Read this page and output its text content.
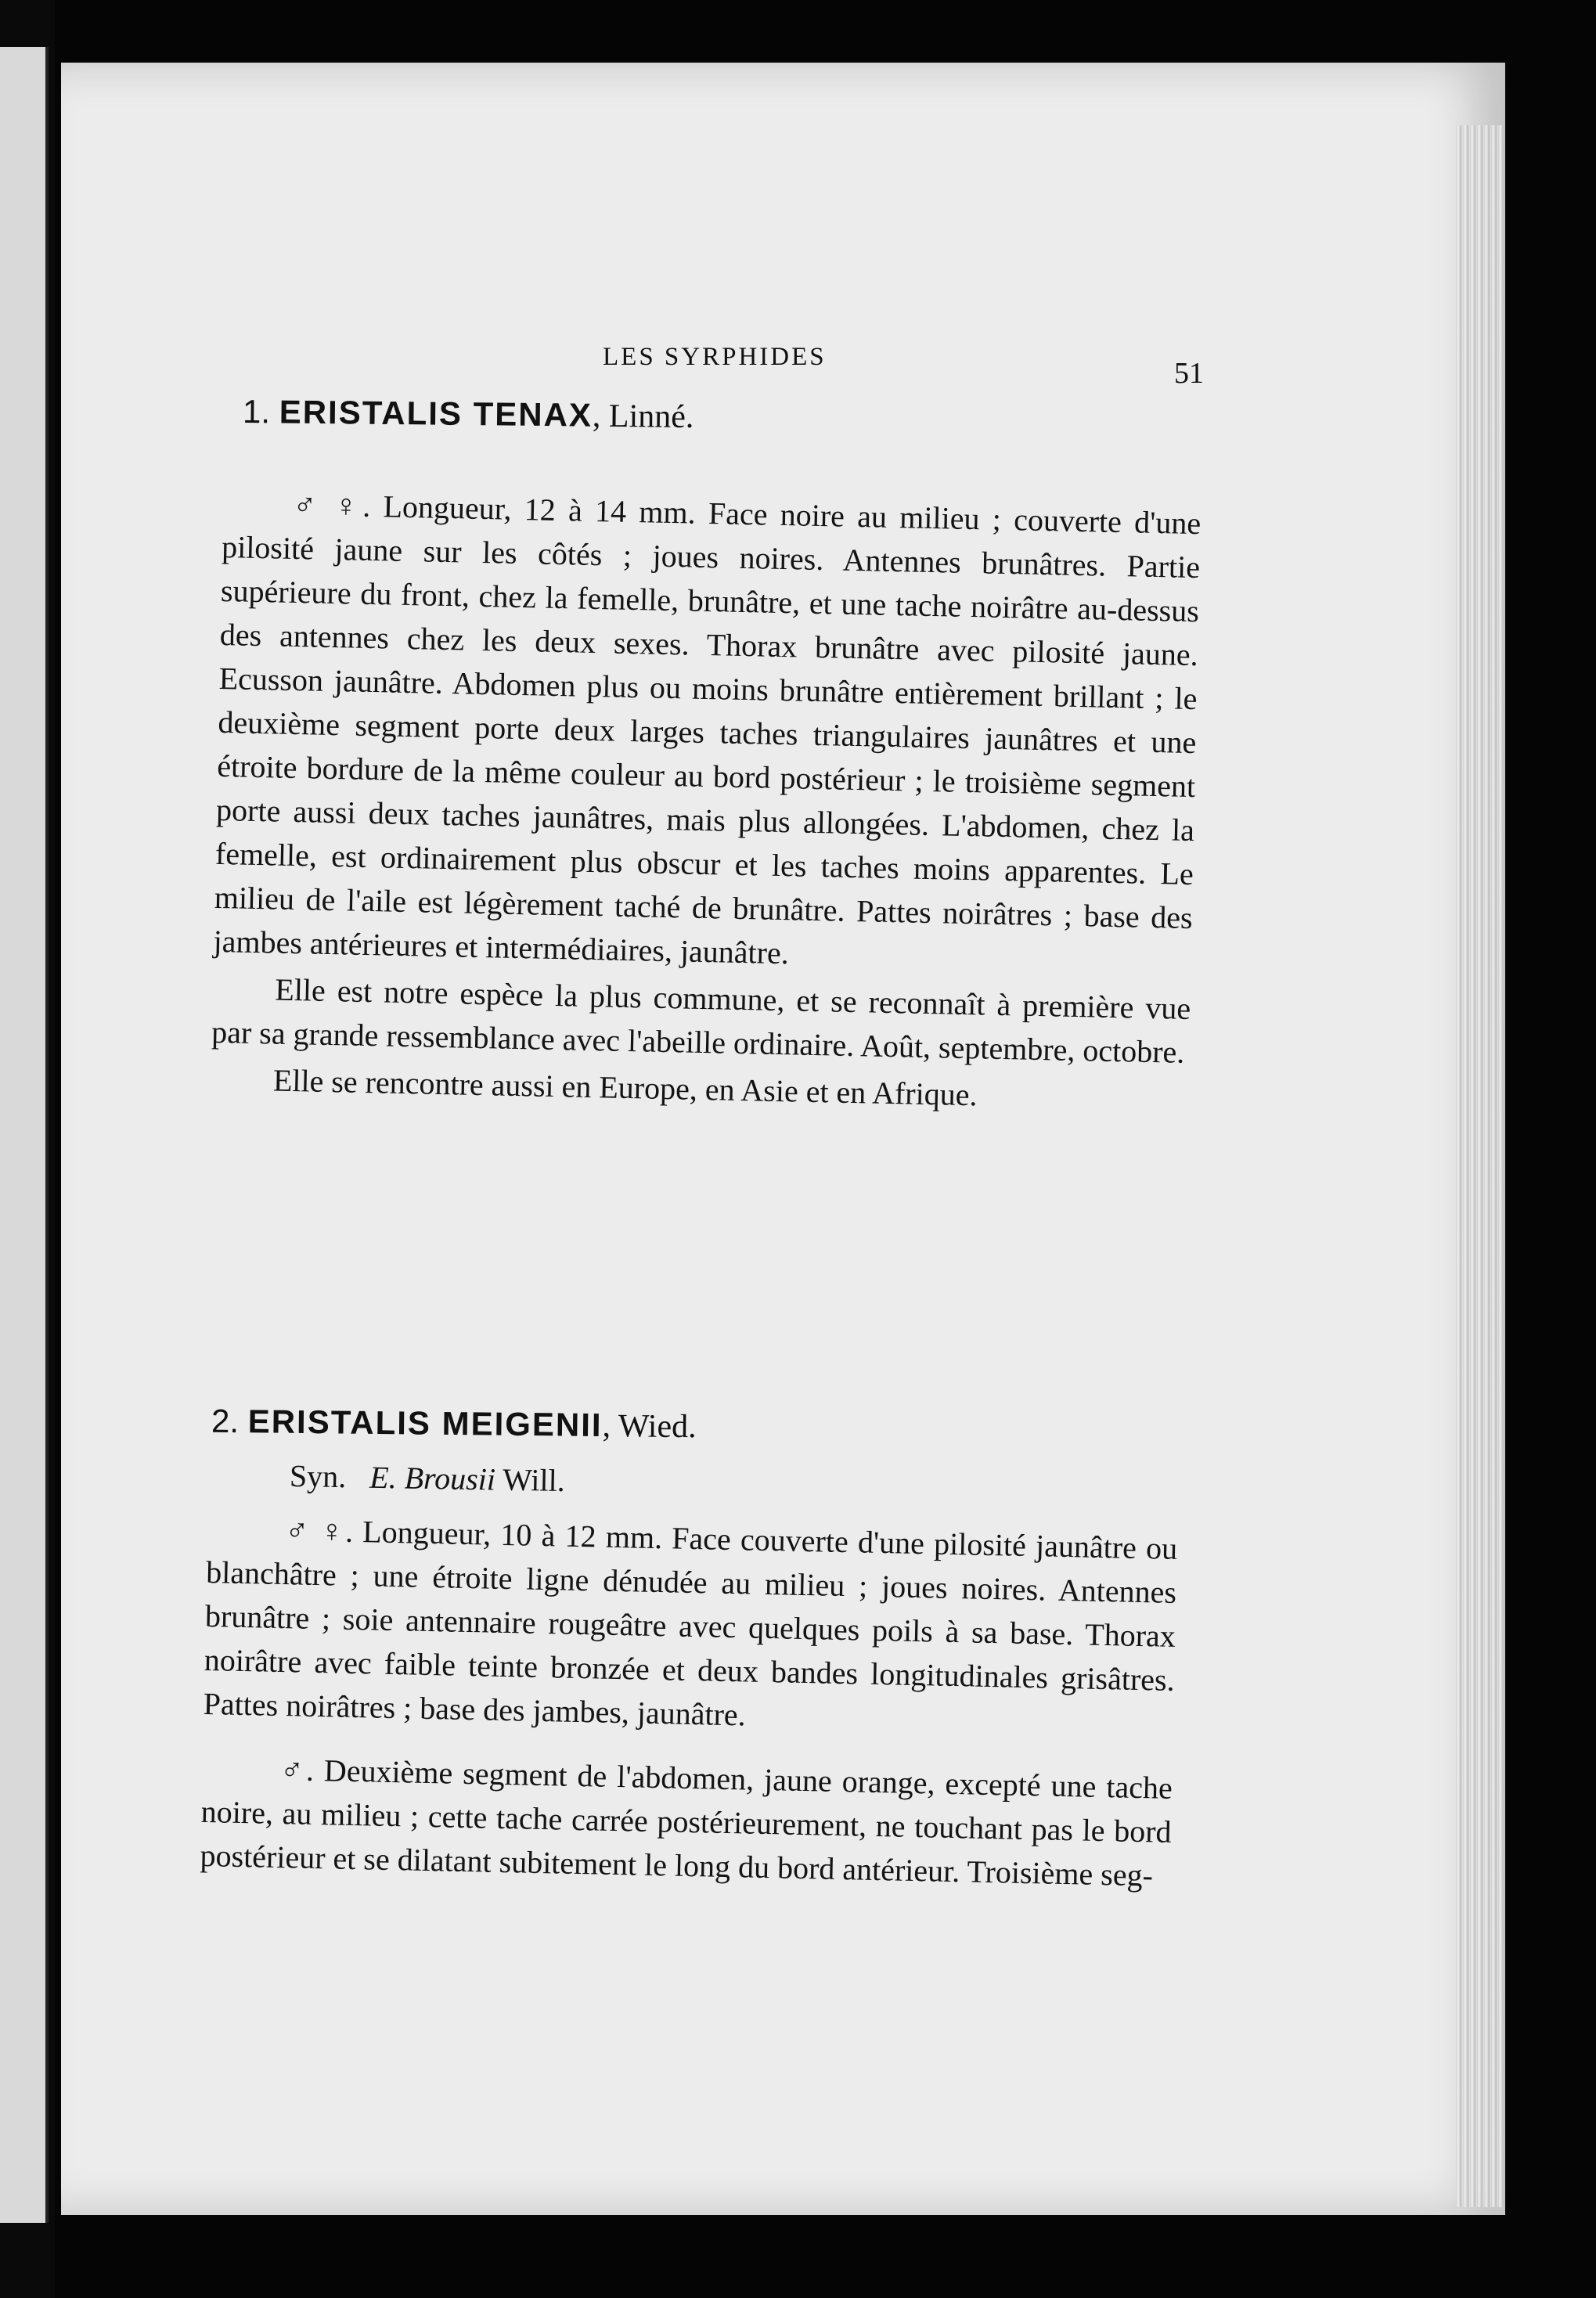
LES SYRPHIDES	51
1. ERISTALIS TENAX, Linné.

♂ ♀. Longueur, 12 à 14 mm. Face noire au milieu ; couverte d'une pilosité jaune sur les côtés ; joues noires. Antennes brunâtres. Partie supérieure du front, chez la femelle, brunâtre, et une tache noirâtre au-dessus des antennes chez les deux sexes. Thorax brunâtre avec pilosité jaune. Ecusson jaunâtre. Abdomen plus ou moins brunâtre entièrement brillant ; le deuxième segment porte deux larges taches triangulaires jaunâtres et une étroite bordure de la même couleur au bord postérieur ; le troisième segment porte aussi deux taches jaunâtres, mais plus allongées. L'abdomen, chez la femelle, est ordinairement plus obscur et les taches moins apparentes. Le milieu de l'aile est légèrement taché de brunâtre. Pattes noirâtres ; base des jambes antérieures et intermédiaires, jaunâtre.

Elle est notre espèce la plus commune, et se reconnaît à première vue par sa grande ressemblance avec l'abeille ordinaire. Août, septembre, octobre.

Elle se rencontre aussi en Europe, en Asie et en Afrique.

2. ERISTALIS MEIGENII, Wied.
Syn. E. Brousii Will.

♂ ♀. Longueur, 10 à 12 mm. Face couverte d'une pilosité jaunâtre ou blanchâtre ; une étroite ligne dénudée au milieu ; joues noires. Antennes brunâtre ; soie antennaire rougeâtre avec quelques poils à sa base. Thorax noirâtre avec faible teinte bronzée et deux bandes longitudinales grisâtres. Pattes noirâtres ; base des jambes, jaunâtre.

♂. Deuxième segment de l'abdomen, jaune orange, excepté une tache noire, au milieu ; cette tache carrée postérieurement, ne touchant pas le bord postérieur et se dilatant subitement le long du bord antérieur. Troisième seg-
